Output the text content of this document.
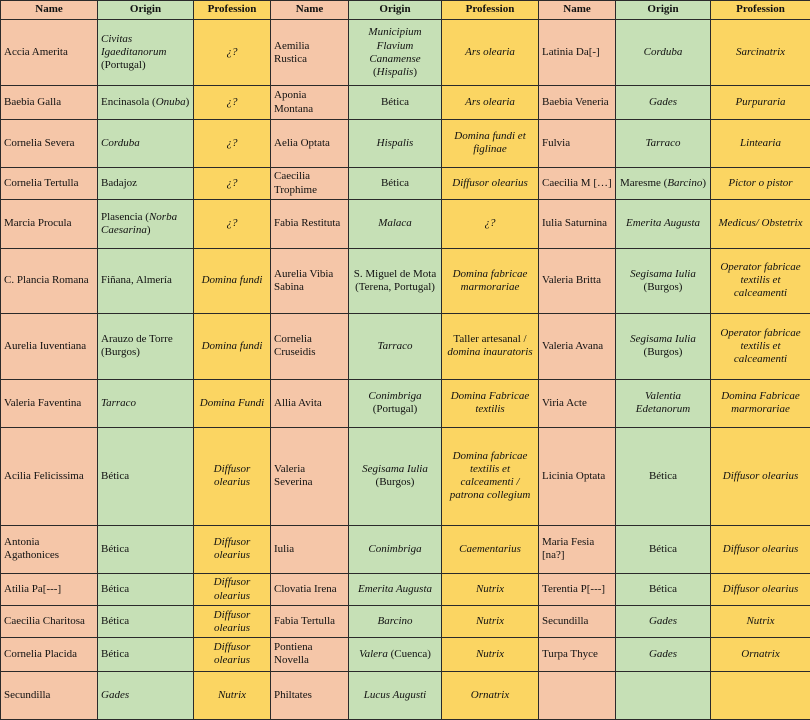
Name	Origin	Profession	Name	Origin	Profession	Name	Origin	Profession
Accia Amerita	Civitas Igaeditanorum (Portugal)	¿?	Aemilia Rustica	Municipium Flavium Canamense (Hispalis)	Ars olearia	Latinia Da[-]	Corduba	Sarcinatrix
Baebia Galla	Encinasola (Onuba)	¿?	Aponia Montana	Bética	Ars olearia	Baebia Veneria	Gades	Purpuraria
Cornelia Severa	Corduba	¿?	Aelia Optata	Hispalis	Domina fundi et figlinae	Fulvia	Tarraco	Lintearia
Cornelia Tertulla	Badajoz	¿?	Caecilia Trophime	Bética	Diffusor olearius	Caecilia M […]	Maresme (Barcino)	Pictor o pistor
Marcia Procula	Plasencia (Norba Caesarina)	¿?	Fabia Restituta	Malaca	¿?	Iulia Saturnina	Emerita Augusta	Medicus/ Obstetrix
C. Plancia Romana	Fiñana, Almería	Domina fundi	Aurelia Vibia Sabina	S. Miguel de Mota (Terena, Portugal)	Domina fabricae marmorariae	Valeria Britta	Segisama Iulia (Burgos)	Operator fabricae textilis et calceamenti
Aurelia Iuventiana	Arauzo de Torre (Burgos)	Domina fundi	Cornelia Cruseidis	Tarraco	Taller artesanal / domina inauratoris	Valeria Avana	Segisama Iulia (Burgos)	Operator fabricae textilis et calceamenti
Valeria Faventina	Tarraco	Domina Fundi	Allia Avita	Conimbriga (Portugal)	Domina Fabricae textilis	Viria Acte	Valentia Edetanorum	Domina Fabricae marmorariae
Acilia Felicissima	Bética	Diffusor olearius	Valeria Severina	Segisama Iulia (Burgos)	Domina fabricae textilis et calceamenti / patrona collegium	Licinia Optata	Bética	Diffusor olearius
Antonia Agathonices	Bética	Diffusor olearius	Iulia	Conimbriga	Caementarius	Maria Fesia [na?]	Bética	Diffusor olearius
Atilia Pa[---]	Bética	Diffusor olearius	Clovatia Irena	Emerita Augusta	Nutrix	Terentia P[---]	Bética	Diffusor olearius
Caecilia Charitosa	Bética	Diffusor olearius	Fabia Tertulla	Barcino	Nutrix	Secundilla	Gades	Nutrix
Cornelia Placida	Bética	Diffusor olearius	Pontiena Novella	Valera (Cuenca)	Nutrix	Turpa Thyce	Gades	Ornatrix
Secundilla	Gades	Nutrix	Philtates	Lucus Augusti	Ornatrix			
